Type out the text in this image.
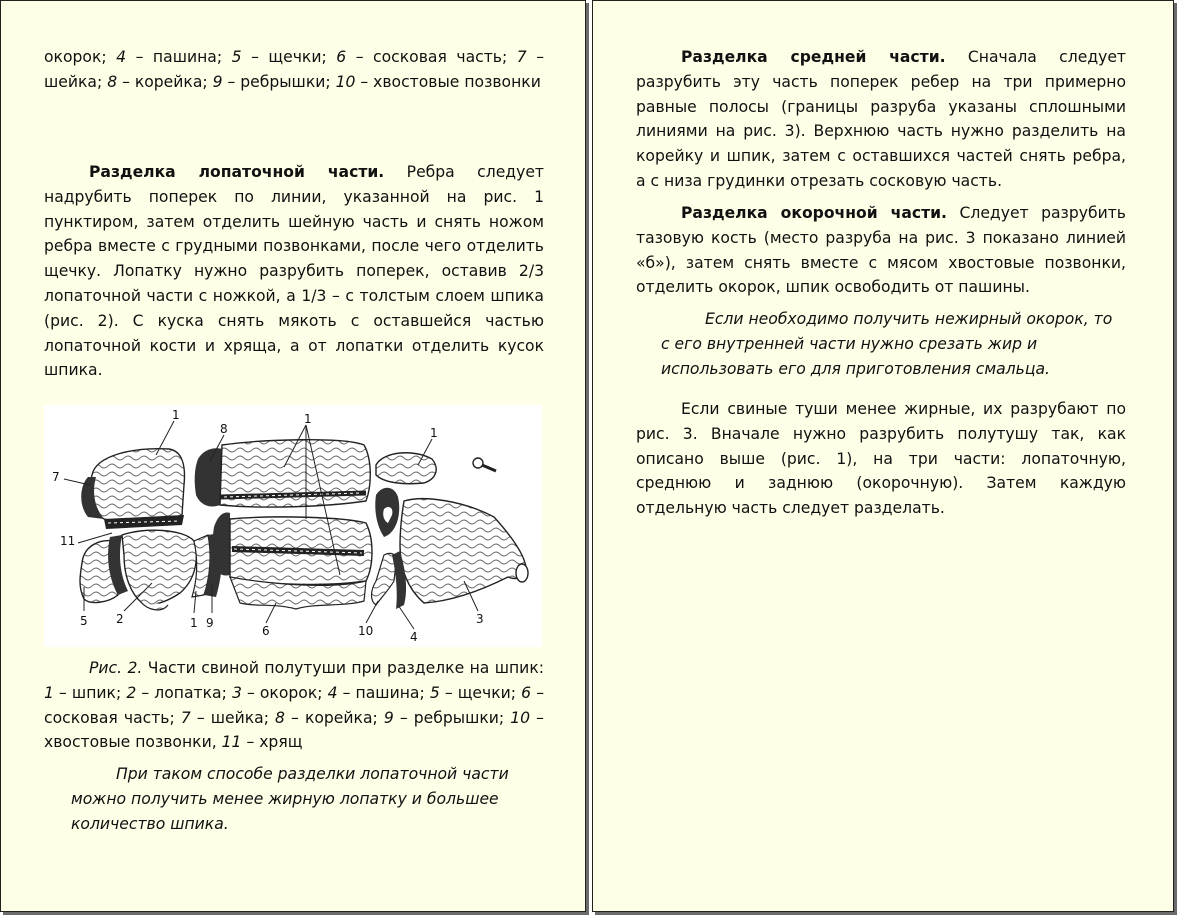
окорок; 4 – пашина; 5 – щечки; 6 – сосковая часть; 7 – шейка; 8 – корейка; 9 – ребрышки; 10 – хвостовые позвонки

Разделка лопаточной части. Ребра следует надрубить поперек по линии, указанной на рис. 1 пунктиром, затем отделить шейную часть и снять ножом ребра вместе с грудными позвонками, после чего отделить щечку. Лопатку нужно разрубить поперек, оставив 2/3 лопаточной части с ножкой, а 1/3 – с толстым слоем шпика (рис. 2). С куска снять мякоть с оставшейся частью лопаточной кости и хряща, а от лопатки отделить кусок шпика.

1
8
1
1
7
11
5 2	1 9
6	10	4
3

Рис. 2. Части свиной полутуши при разделке на шпик: 1 – шпик; 2 – лопатка; 3 – окорок; 4 – пашина; 5 – щечки; 6 – сосковая часть; 7 – шейка; 8 – корейка; 9 – ребрышки; 10 – хвостовые позвонки, 11 – хрящ

При таком способе разделки лопаточной части можно получить менее жирную лопатку и большее количество шпика.

Разделка средней части. Сначала следует разрубить эту часть поперек ребер на три примерно равные полосы (границы разруба указаны сплошными линиями на рис. 3). Верхнюю часть нужно разделить на корейку и шпик, затем с оставшихся частей снять ребра, а с низа грудинки отрезать сосковую часть.

Разделка окорочной части. Следует разрубить тазовую кость (место разруба на рис. 3 показано линией «б»), затем снять вместе с мясом хвостовые позвонки, отделить окорок, шпик освободить от пашины.

Если необходимо получить нежирный окорок, то с его внутренней части нужно срезать жир и использовать его для приготовления смальца.

Если свиные туши менее жирные, их разрубают по рис. 3. Вначале нужно разрубить полутушу так, как описано выше (рис. 1), на три части: лопаточную, среднюю и заднюю (окорочную). Затем каждую отдельную часть следует разделать.
